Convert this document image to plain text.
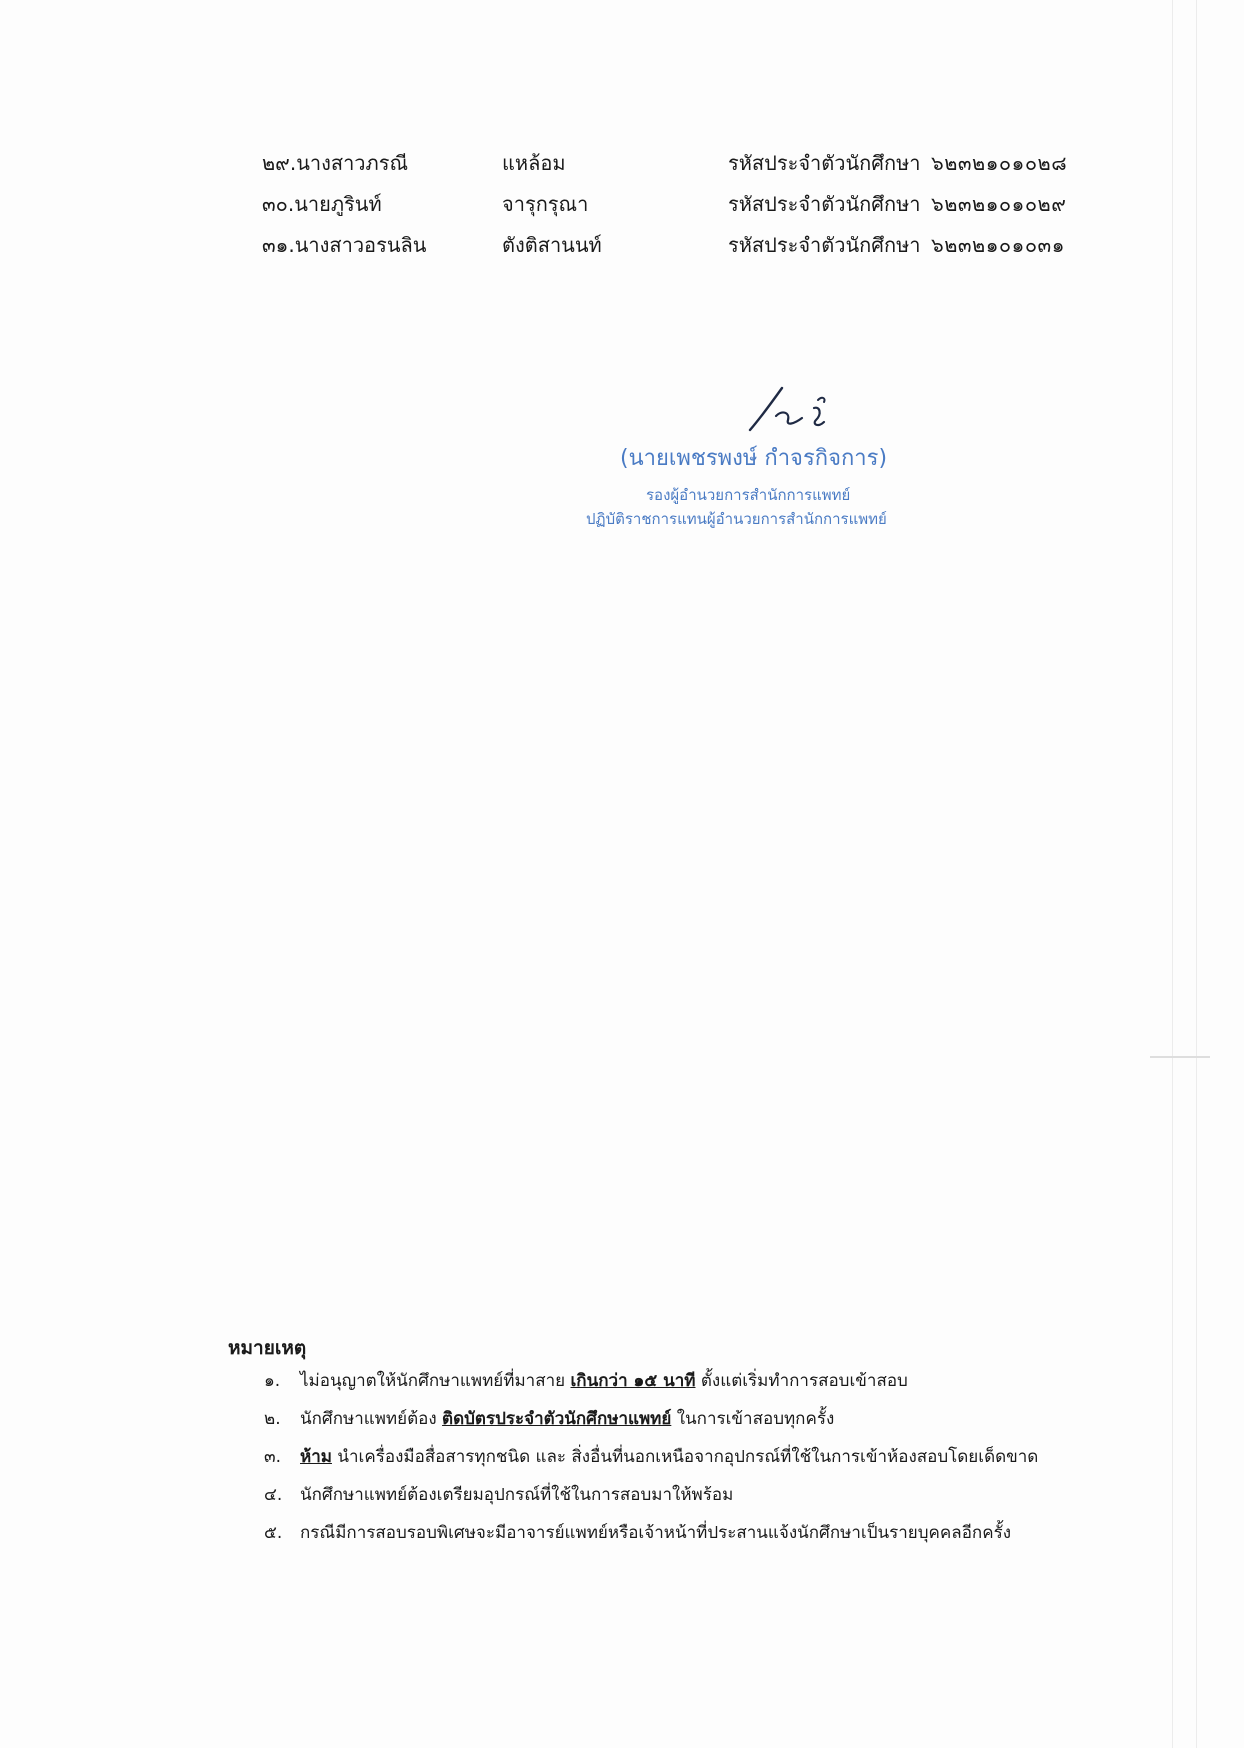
๒๙.นางสาวภรณี	แหล้อม	รหัสประจำตัวนักศึกษา ๖๒๓๒๑๐๑๐๒๘
๓๐.นายภูรินท์	จารุกรุณา	รหัสประจำตัวนักศึกษา ๖๒๓๒๑๐๑๐๒๙
๓๑.นางสาวอรนลิน	ตังติสานนท์	รหัสประจำตัวนักศึกษา ๖๒๓๒๑๐๑๐๓๑
(นายเพชรพงษ์ กำจรกิจการ)
รองผู้อำนวยการสำนักการแพทย์
ปฏิบัติราชการแทนผู้อำนวยการสำนักการแพทย์
หมายเหตุ
๑. ไม่อนุญาตให้นักศึกษาแพทย์ที่มาสาย เกินกว่า ๑๕ นาที ตั้งแต่เริ่มทำการสอบเข้าสอบ
๒. นักศึกษาแพทย์ต้อง ติดบัตรประจำตัวนักศึกษาแพทย์ ในการเข้าสอบทุกครั้ง
๓. ห้าม นำเครื่องมือสื่อสารทุกชนิด และ สิ่งอื่นที่นอกเหนือจากอุปกรณ์ที่ใช้ในการเข้าห้องสอบโดยเด็ดขาด
๔. นักศึกษาแพทย์ต้องเตรียมอุปกรณ์ที่ใช้ในการสอบมาให้พร้อม
๕. กรณีมีการสอบรอบพิเศษจะมีอาจารย์แพทย์หรือเจ้าหน้าที่ประสานแจ้งนักศึกษาเป็นรายบุคคลอีกครั้ง
